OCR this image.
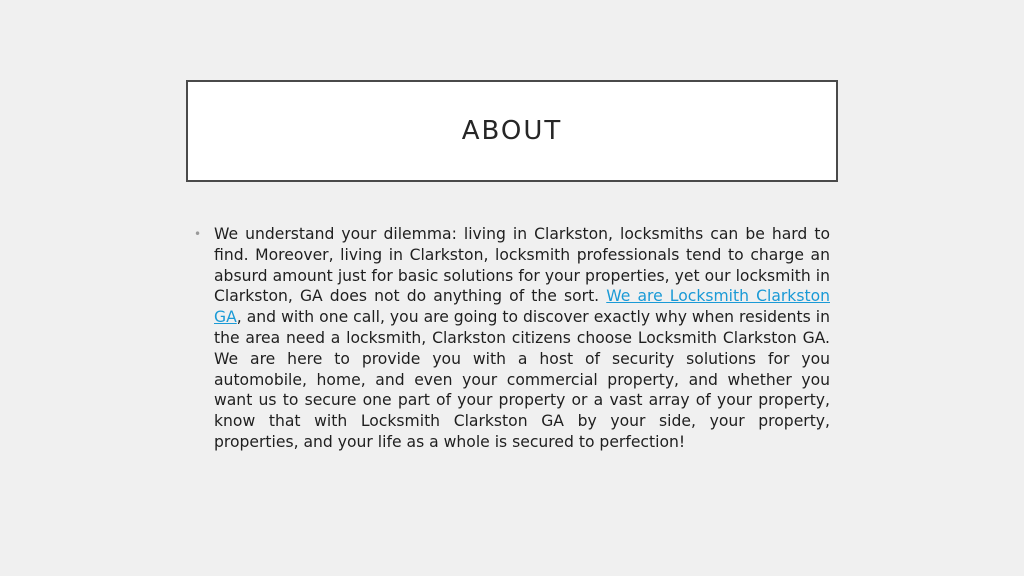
ABOUT
• We understand your dilemma: living in Clarkston, locksmiths can be hard to find. Moreover, living in Clarkston, locksmith professionals tend to charge an absurd amount just for basic solutions for your properties, yet our locksmith in Clarkston, GA does not do anything of the sort. We are Locksmith Clarkston GA, and with one call, you are going to discover exactly why when residents in the area need a locksmith, Clarkston citizens choose Locksmith Clarkston GA. We are here to provide you with a host of security solutions for you automobile, home, and even your commercial property, and whether you want us to secure one part of your property or a vast array of your property, know that with Locksmith Clarkston GA by your side, your property, properties, and your life as a whole is secured to perfection!
